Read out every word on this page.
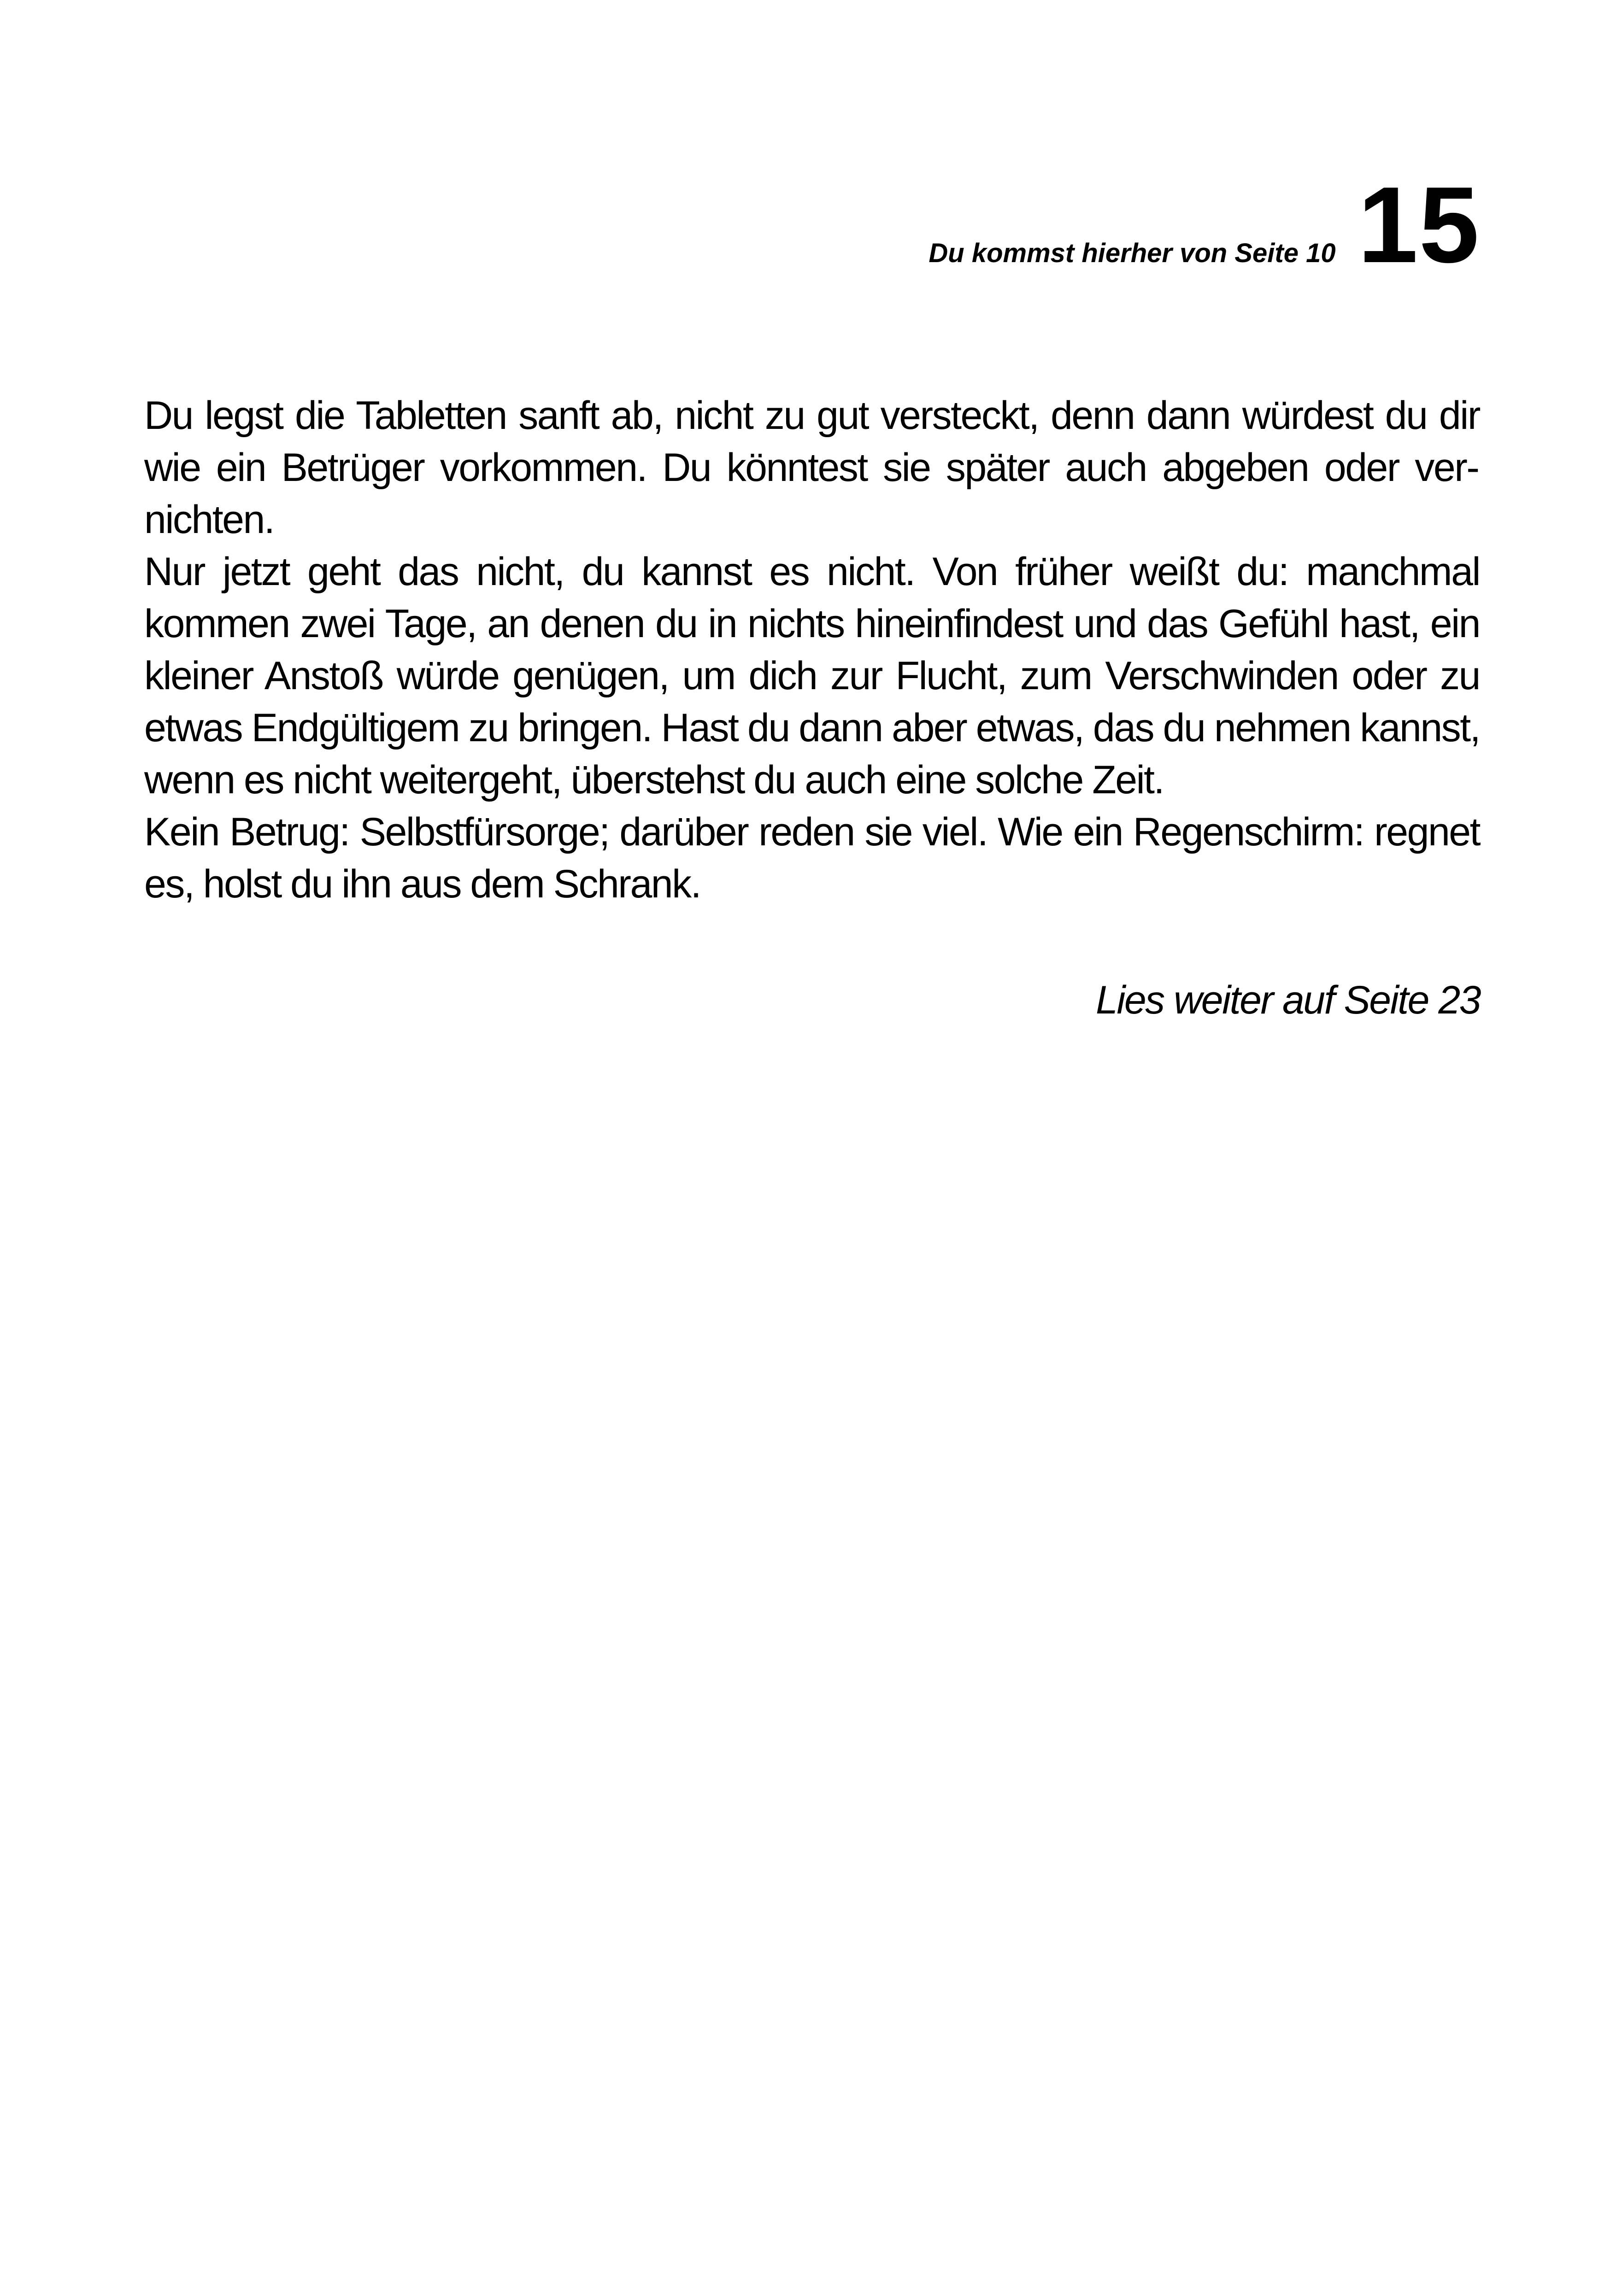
Du kommst hierher von Seite 10 15

Du legst die Tabletten sanft ab, nicht zu gut versteckt, denn dann würdest du dir wie ein Betrüger vorkommen. Du könntest sie später auch abgeben oder vernichten.

Nur jetzt geht das nicht, du kannst es nicht. Von früher weißt du: manchmal kommen zwei Tage, an denen du in nichts hineinfindest und das Gefühl hast, ein kleiner Anstoß würde genügen, um dich zur Flucht, zum Verschwinden oder zu etwas Endgültigem zu bringen. Hast du dann aber etwas, das du nehmen kannst, wenn es nicht weitergeht, überstehst du auch eine solche Zeit.

Kein Betrug: Selbstfürsorge; darüber reden sie viel. Wie ein Regenschirm: regnet es, holst du ihn aus dem Schrank.

Lies weiter auf Seite 23
